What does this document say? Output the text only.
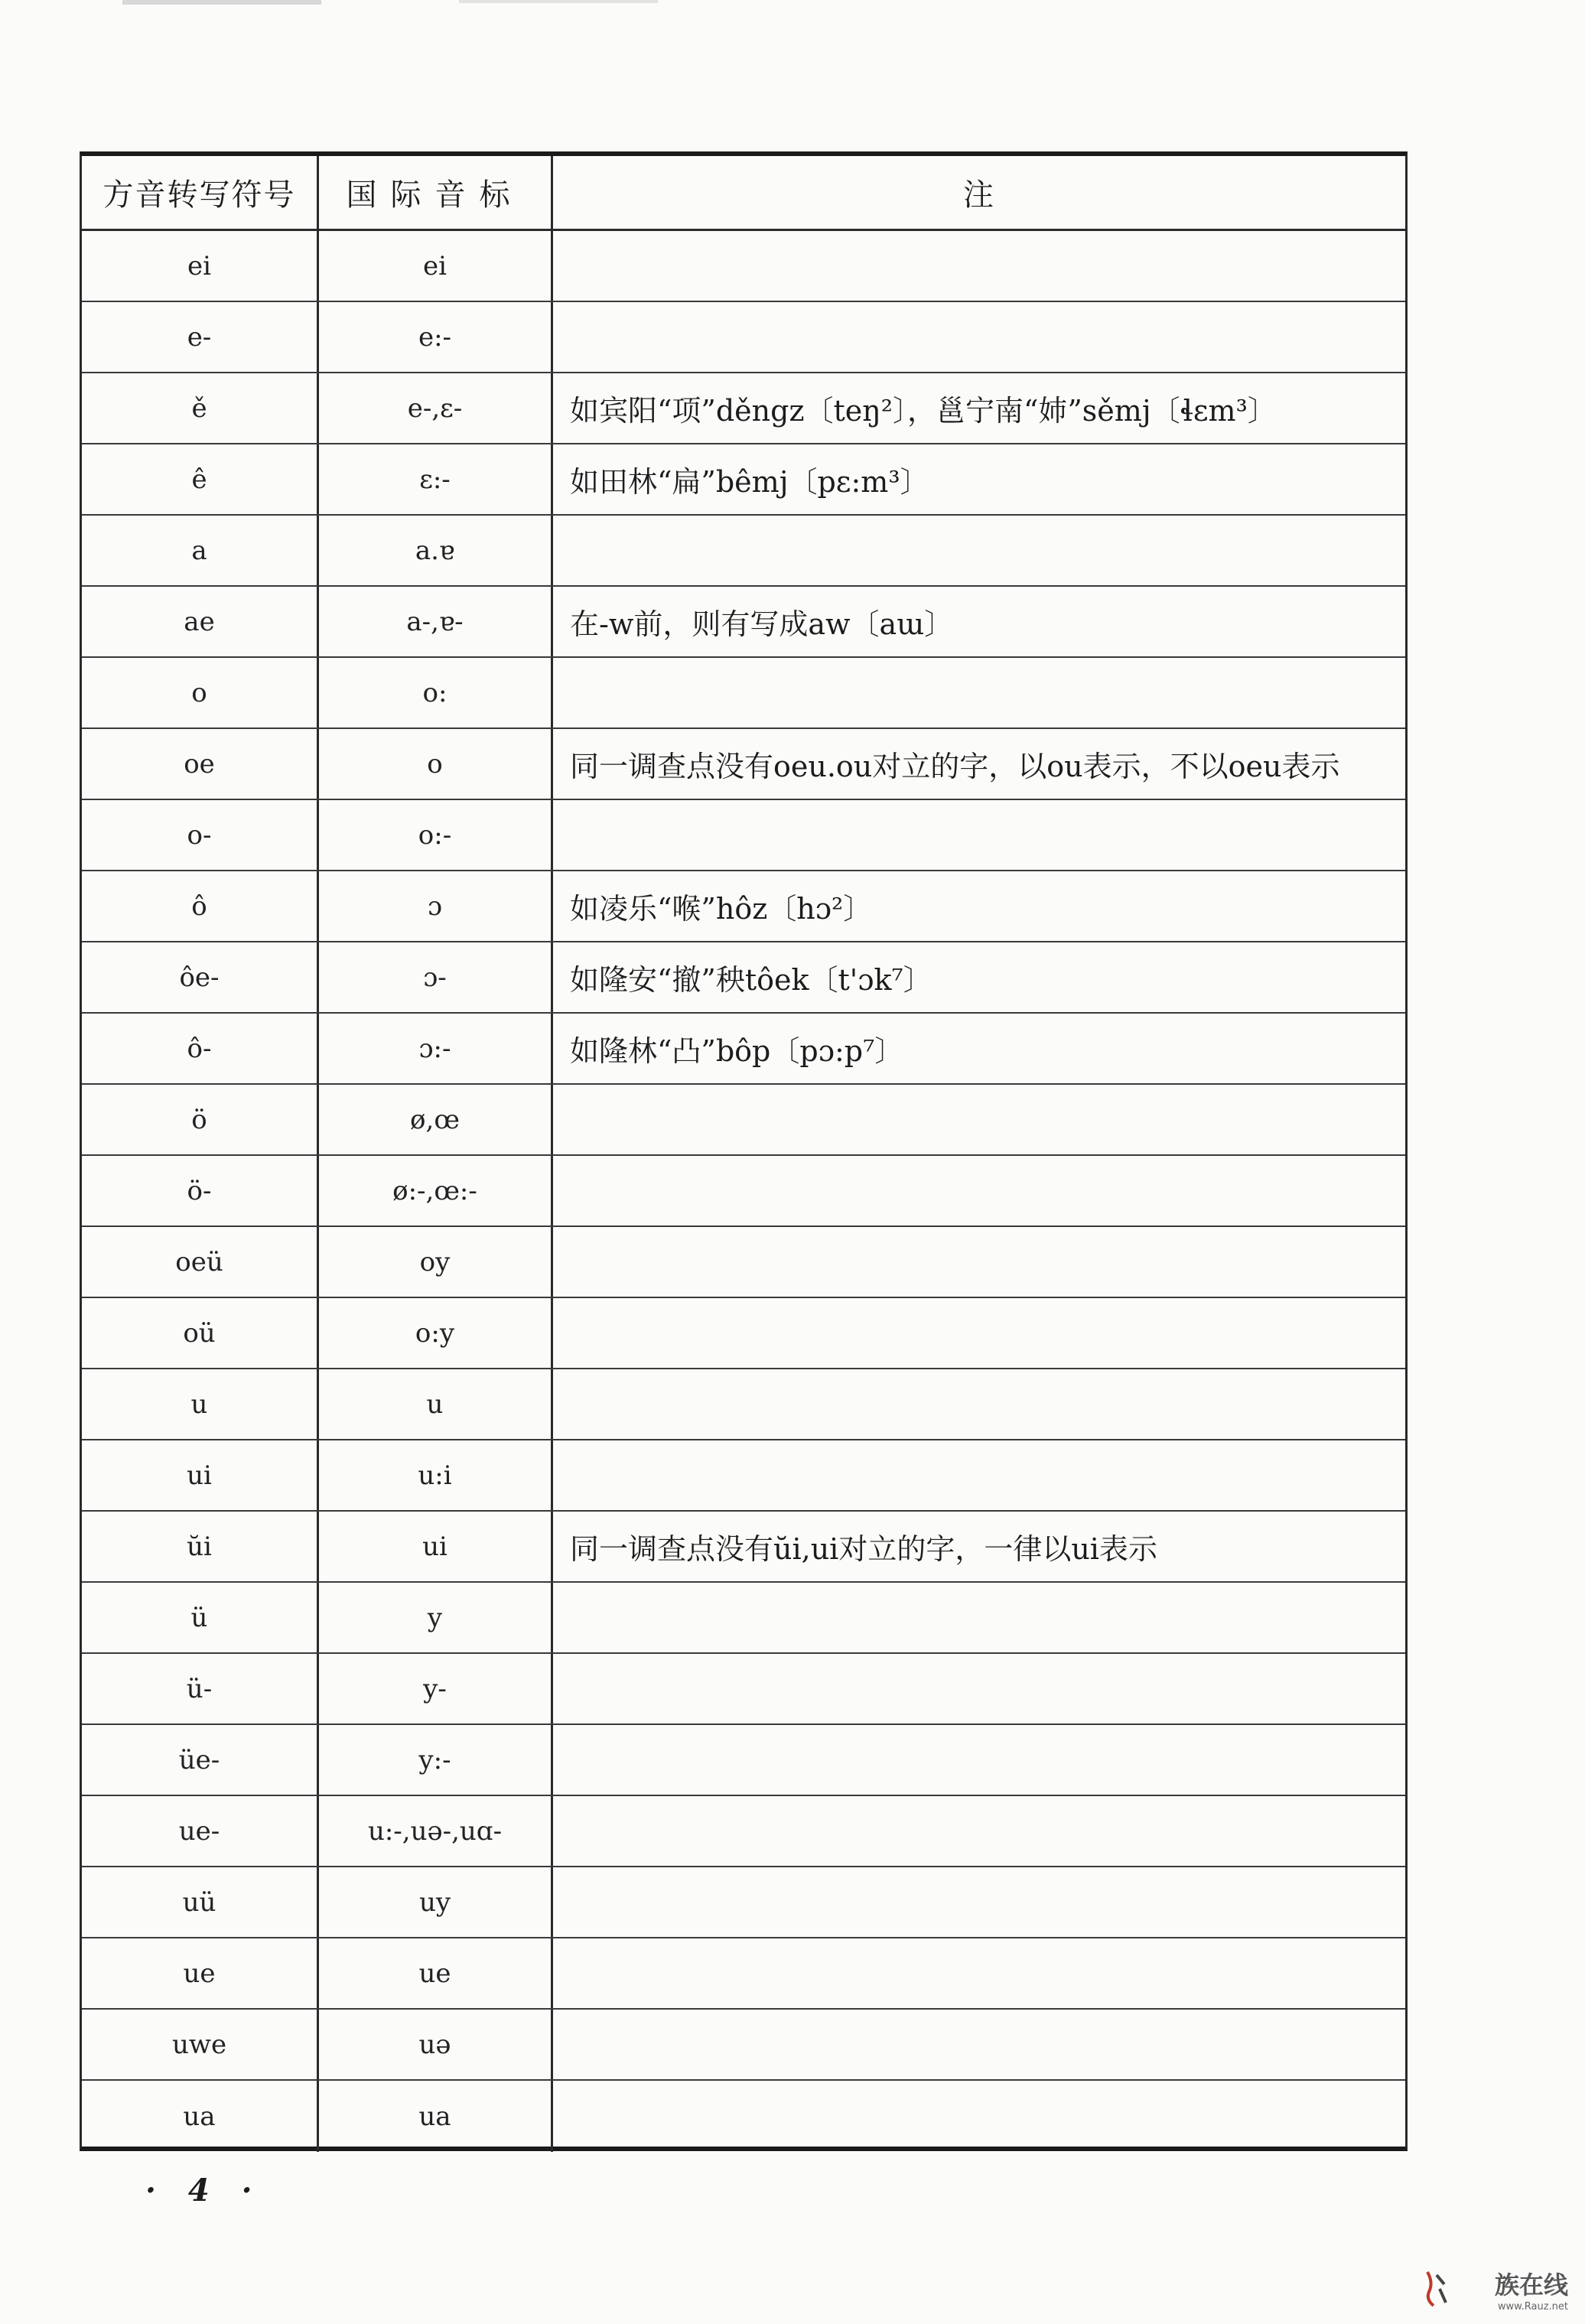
方音转写符号	国际音标	注
ei	ei
e-	e:-
ě	e-,ɛ-	如宾阳“项”děngz〔teŋ²〕，邕宁南“姉”sěmj〔ɬɛm³〕
ê	ɛ:-	如田林“扁”bêmj〔pɛ:m³〕
a	a.ɐ
ae	a-,ɐ-	在-w前，则有写成aw〔aɯ〕
o	o:
oe	o	同一调查点没有oeu.ou对立的字，以ou表示，不以oeu表示
o-	o:-
ô	ɔ	如凌乐“喉”hôz〔hɔ²〕
ôe-	ɔ-	如隆安“撤”秧tôek〔t'ɔk⁷〕
ô-	ɔ:-	如隆林“凸”bôp〔pɔ:p⁷〕
ö	ø,œ
ö-	ø:-,œ:-
oeü	oy
oü	o:y
u	u
ui	u:i
ŭi	ui	同一调查点没有ŭi,ui对立的字，一律以ui表示
ü	y
ü-	y-
üe-	y:-
ue-	u:-,uə-,uɑ-
uü	uy
ue	ue
uwe	uə
ua	ua
· 4 ·
族在线
www.Rauz.net
